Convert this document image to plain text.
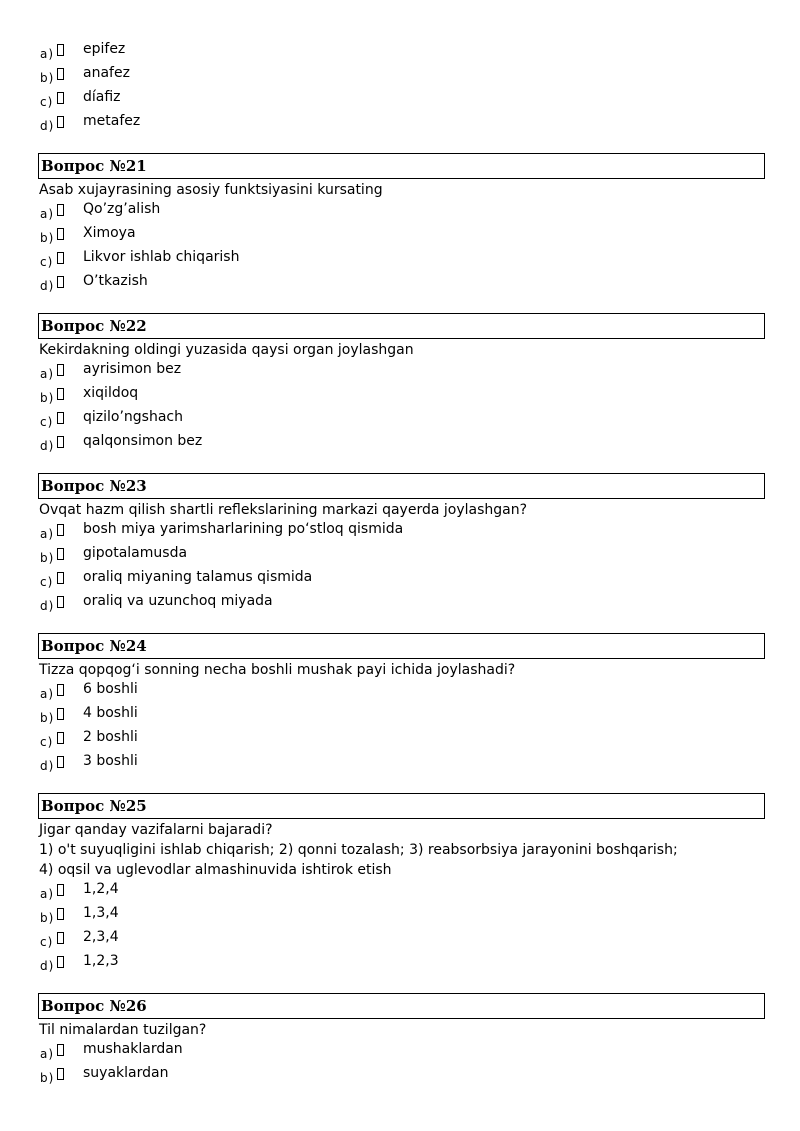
a) epifez
b) anafez
c) díafiz
d) metafez
Вопрос №21
Asab xujayrasining asosiy funktsiyasini kursating
a) Qo’zg’alish
b) Ximoya
c) Likvor ishlab chiqarish
d) O’tkazish
Вопрос №22
Kekirdakning oldingi yuzasida qaysi organ joylashgan
a) ayrisimon bez
b) xiqildoq
c) qizilo’ngshach
d) qalqonsimon bez
Вопрос №23
Ovqat hazm qilish shartli reflekslarining markazi qayerda joylashgan?
a) bosh miya yarimsharlarining po‘stloq qismida
b) gipotalamusda
c) oraliq miyaning talamus qismida
d) oraliq va uzunchoq miyada
Вопрос №24
Tizza qopqog‘i sonning necha boshli mushak payi ichida joylashadi?
a) 6 boshli
b) 4 boshli
c) 2 boshli
d) 3 boshli
Вопрос №25
Jigar qanday vazifalarni bajaradi?
1) o't suyuqligini ishlab chiqarish; 2) qonni tozalash; 3) reabsorbsiya jarayonini boshqarish;
4) oqsil va uglevodlar almashinuvida ishtirok etish
a) 1,2,4
b) 1,3,4
c) 2,3,4
d) 1,2,3
Вопрос №26
Til nimalardan tuzilgan?
a) mushaklardan
b) suyaklardan
